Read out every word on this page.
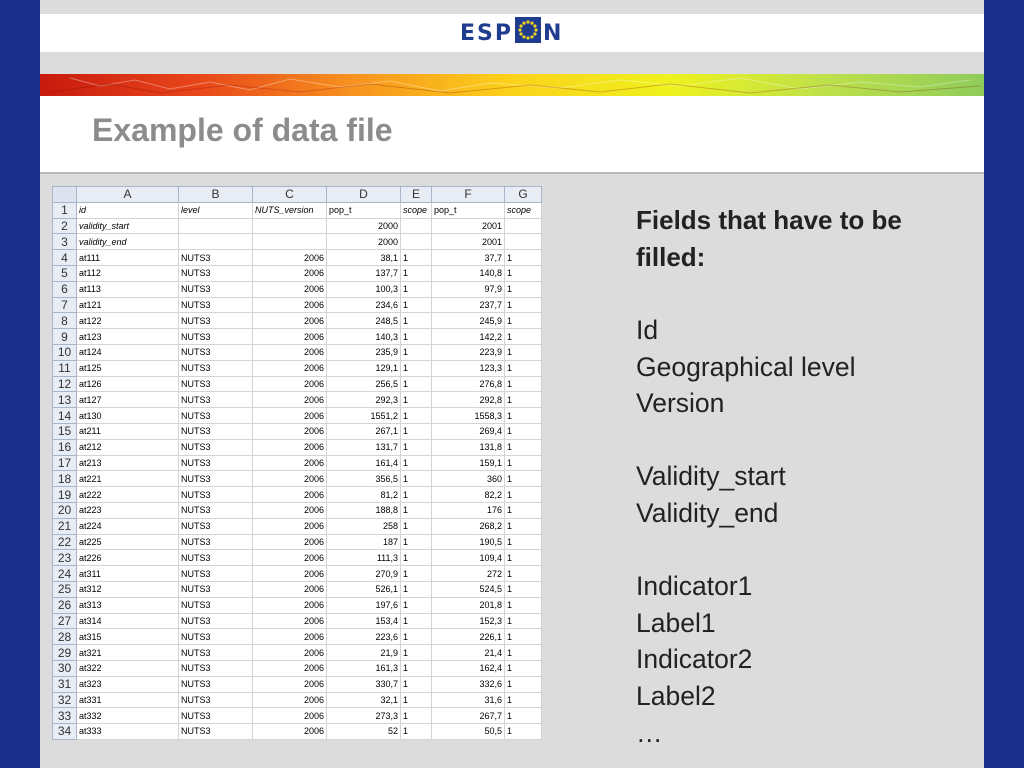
ESP N
Example of data file
	A	B	C	D	E	F	G
1	id	level	NUTS_version	pop_t	scope	pop_t	scope
2	validity_start			2000		2001	
3	validity_end			2000		2001	
4	at111	NUTS3	2006	38,1	1	37,7	1
5	at112	NUTS3	2006	137,7	1	140,8	1
6	at113	NUTS3	2006	100,3	1	97,9	1
7	at121	NUTS3	2006	234,6	1	237,7	1
8	at122	NUTS3	2006	248,5	1	245,9	1
9	at123	NUTS3	2006	140,3	1	142,2	1
10	at124	NUTS3	2006	235,9	1	223,9	1
11	at125	NUTS3	2006	129,1	1	123,3	1
12	at126	NUTS3	2006	256,5	1	276,8	1
13	at127	NUTS3	2006	292,3	1	292,8	1
14	at130	NUTS3	2006	1551,2	1	1558,3	1
15	at211	NUTS3	2006	267,1	1	269,4	1
16	at212	NUTS3	2006	131,7	1	131,8	1
17	at213	NUTS3	2006	161,4	1	159,1	1
18	at221	NUTS3	2006	356,5	1	360	1
19	at222	NUTS3	2006	81,2	1	82,2	1
20	at223	NUTS3	2006	188,8	1	176	1
21	at224	NUTS3	2006	258	1	268,2	1
22	at225	NUTS3	2006	187	1	190,5	1
23	at226	NUTS3	2006	111,3	1	109,4	1
24	at311	NUTS3	2006	270,9	1	272	1
25	at312	NUTS3	2006	526,1	1	524,5	1
26	at313	NUTS3	2006	197,6	1	201,8	1
27	at314	NUTS3	2006	153,4	1	152,3	1
28	at315	NUTS3	2006	223,6	1	226,1	1
29	at321	NUTS3	2006	21,9	1	21,4	1
30	at322	NUTS3	2006	161,3	1	162,4	1
31	at323	NUTS3	2006	330,7	1	332,6	1
32	at331	NUTS3	2006	32,1	1	31,6	1
33	at332	NUTS3	2006	273,3	1	267,7	1
34	at333	NUTS3	2006	52	1	50,5	1
Fields that have to be filled:
Id
Geographical level
Version
Validity_start
Validity_end
Indicator1
Label1
Indicator2
Label2
…
